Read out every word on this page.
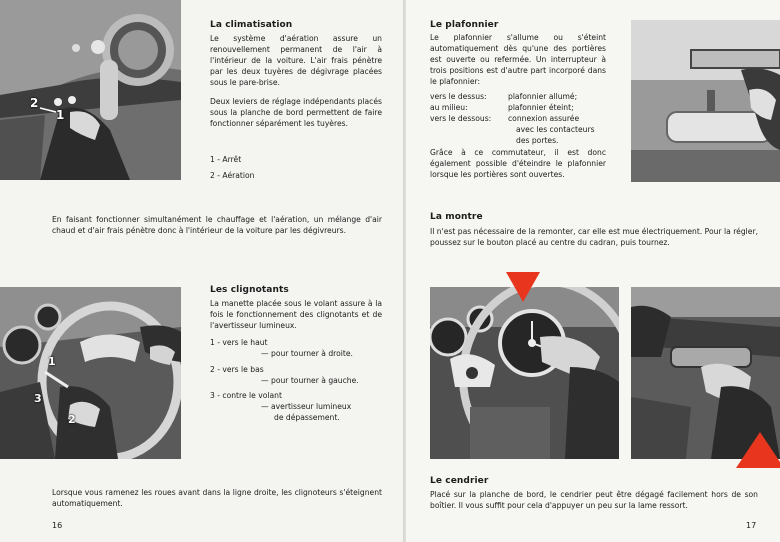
2
1
La climatisation

Le système d'aération assure un renouvellement permanent de l'air à l'intérieur de la voiture. L'air frais pénètre par les deux tuyères de dégivrage placées sous le pare-brise.

Deux leviers de réglage indépendants placés sous la planche de bord permettent de faire fonctionner séparément les tuyères.

1 - Arrêt
2 - Aération

En faisant fonctionner simultanément le chauffage et l'aération, un mélange d'air chaud et d'air frais pénètre donc à l'intérieur de la voiture par les dégivreurs.

1
3
2
Les clignotants

La manette placée sous le volant assure à la fois le fonctionnement des clignotants et de l'avertisseur lumineux.

1 - vers le haut
— pour tourner à droite.
2 - vers le bas
— pour tourner à gauche.
3 - contre le volant
— avertisseur lumineux
de dépassement.

Lorsque vous ramenez les roues avant dans la ligne droite, les clignoteurs s'éteignent automatiquement.

16
Le plafonnier

Le plafonnier s'allume ou s'éteint automatiquement dès qu'une des portières est ouverte ou refermée. Un interrupteur à trois positions est d'autre part incorporé dans le plafonnier:

vers le dessus:	plafonnier allumé;
au milieu:	plafonnier éteint;
vers le dessous: connexion assurée
avec les contacteurs
des portes.

Grâce à ce commutateur, il est donc également possible d'éteindre le plafonnier lorsque les portières sont ouvertes.

La montre

Il n'est pas nécessaire de la remonter, car elle est mue électriquement. Pour la régler, poussez sur le bouton placé au centre du cadran, puis tournez.

Le cendrier

Placé sur la planche de bord, le cendrier peut être dégagé facilement hors de son boîtier. Il vous suffit pour cela d'appuyer un peu sur la lame ressort.

17
